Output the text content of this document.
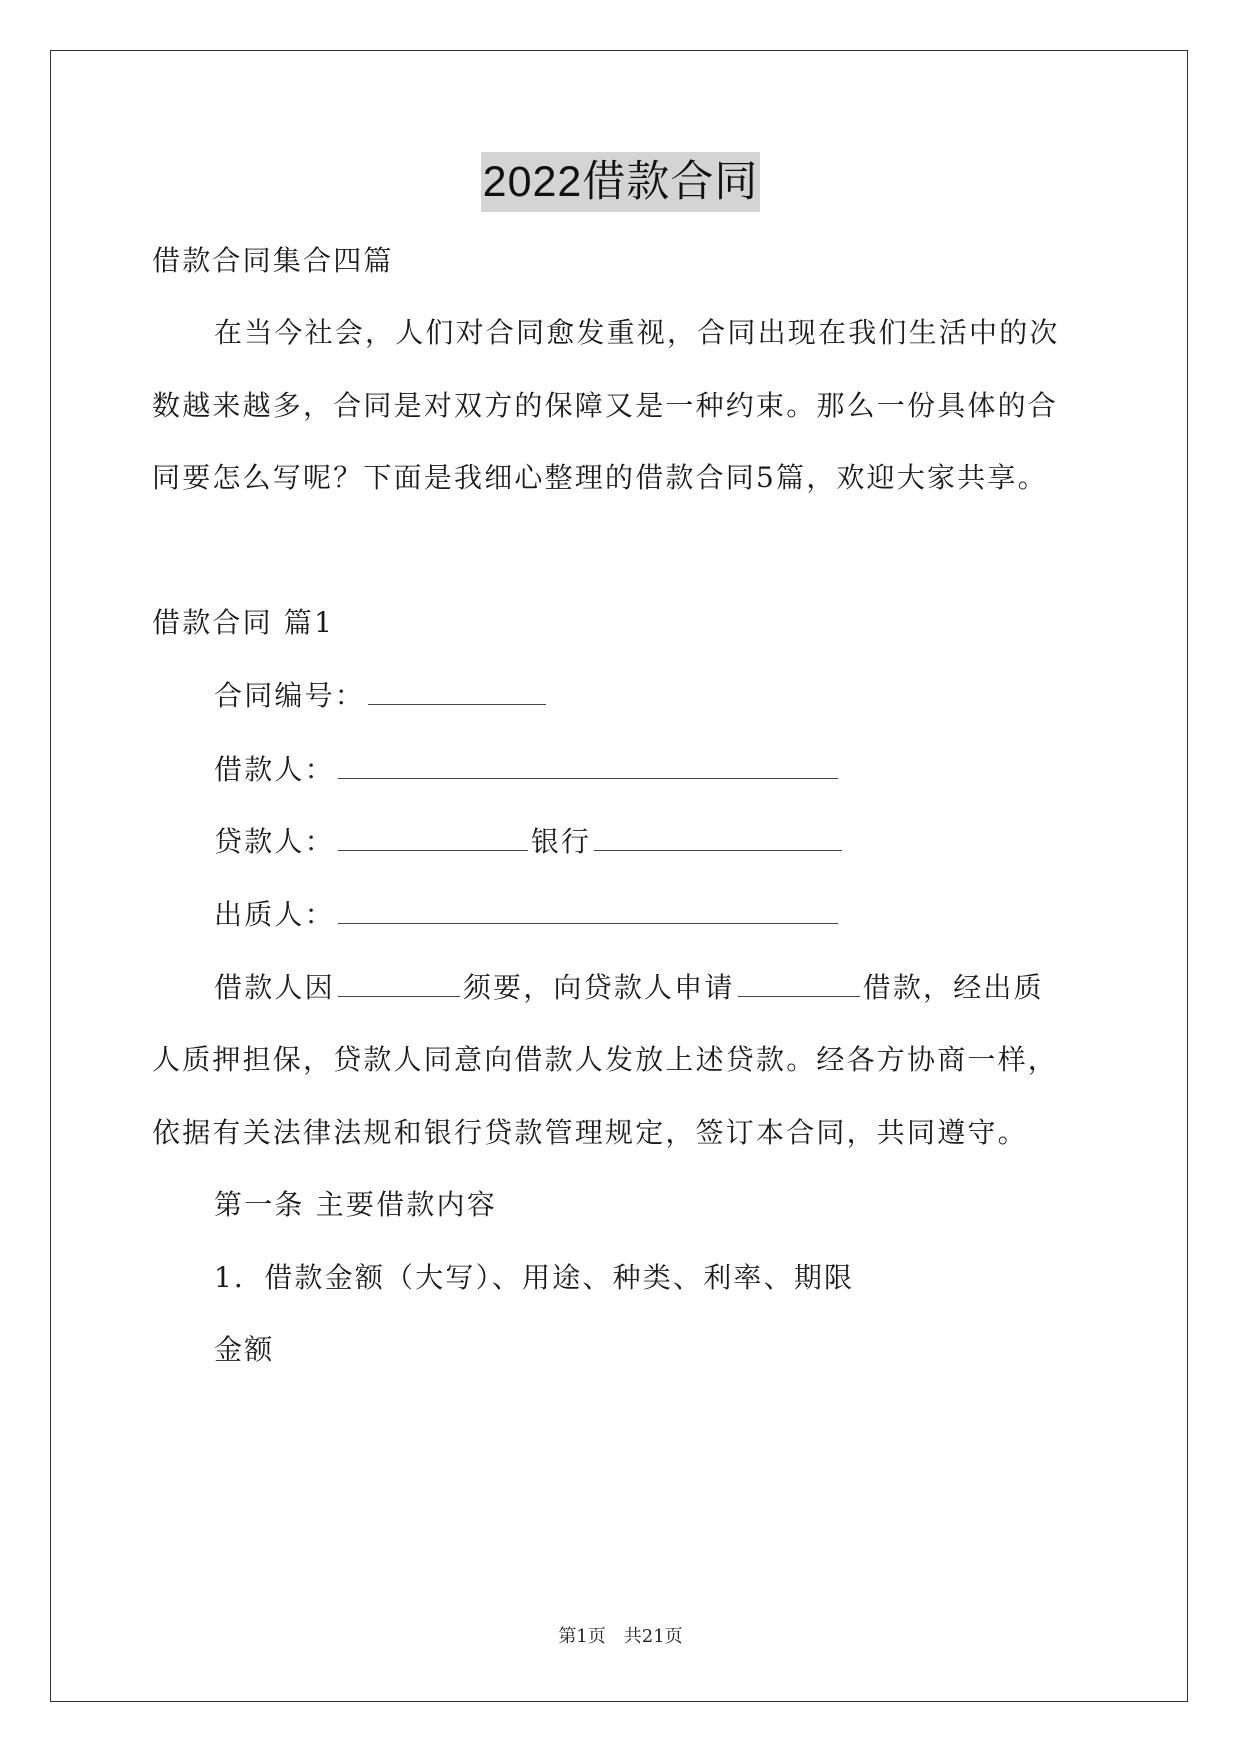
2022借款合同
借款合同集合四篇
在当今社会，人们对合同愈发重视，合同出现在我们生活中的次
数越来越多，合同是对双方的保障又是一种约束。那么一份具体的合
同要怎么写呢？下面是我细心整理的借款合同5篇，欢迎大家共享。
借款合同 篇1
合同编号：
借款人：
贷款人：	银行
出质人：
借款人因	须要，向贷款人申请	借款，经出质
人质押担保，贷款人同意向借款人发放上述贷款。经各方协商一样，
依据有关法律法规和银行贷款管理规定，签订本合同，共同遵守。
第一条 主要借款内容
1．借款金额（大写）、用途、种类、利率、期限
金额
第1页　共21页
